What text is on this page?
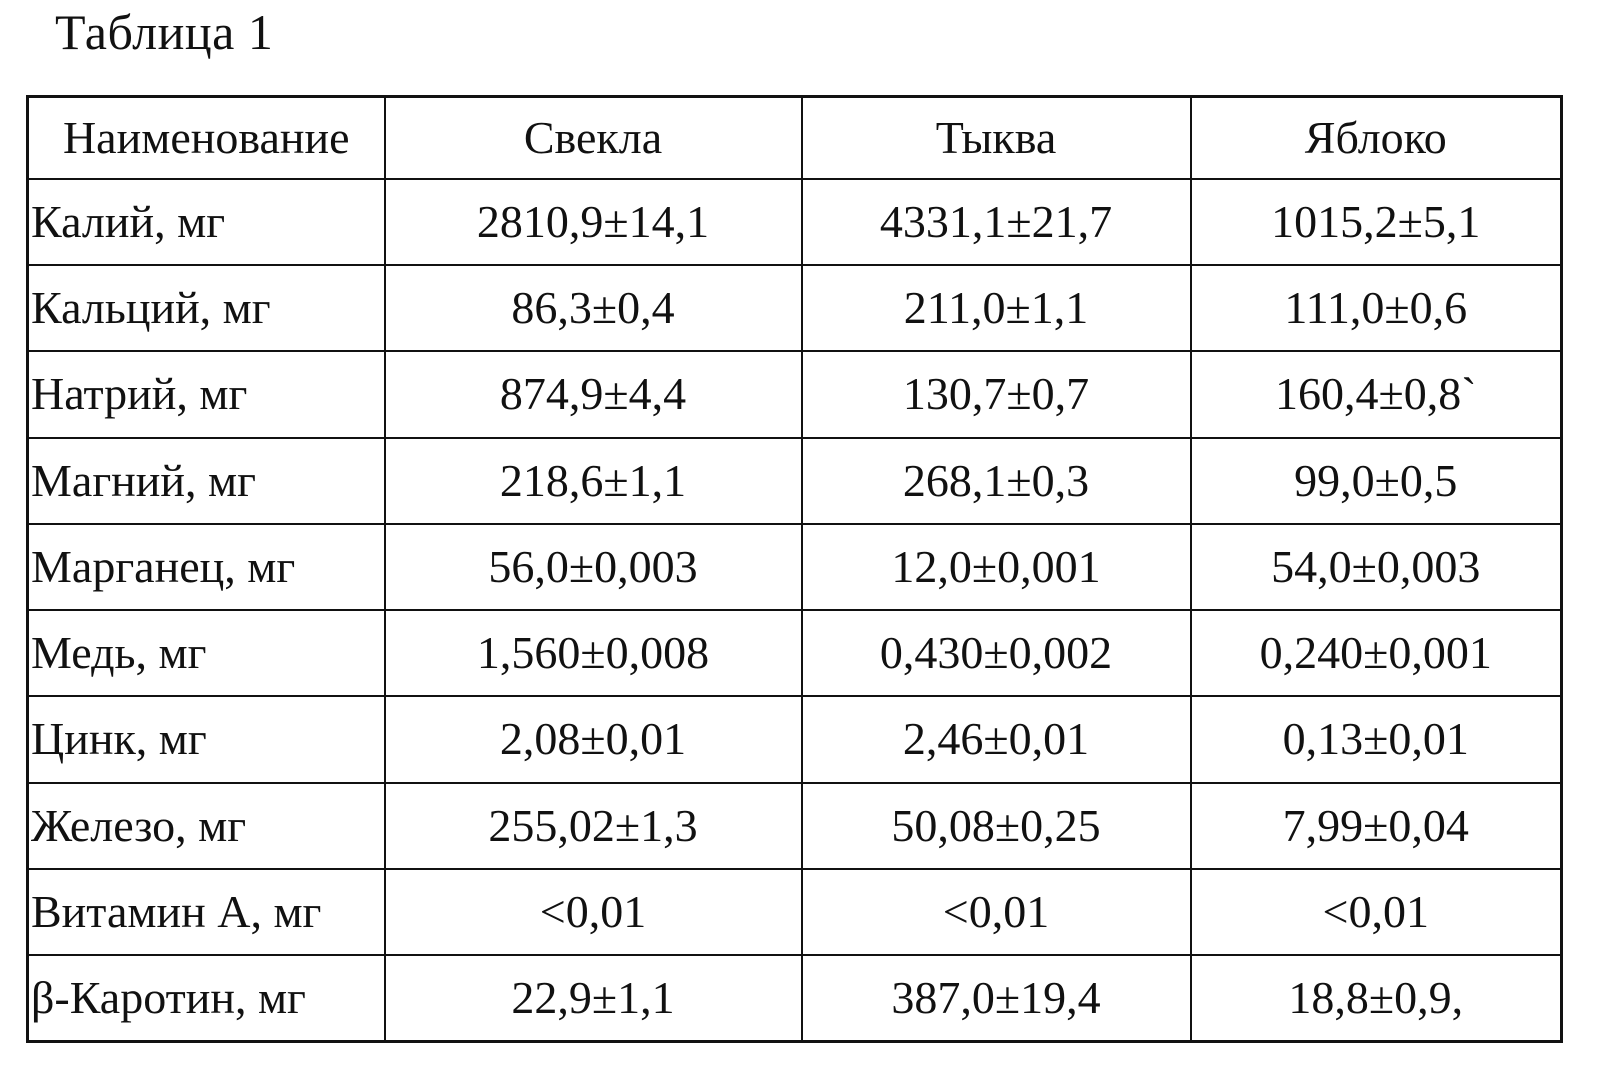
Таблица 1
Наименование	Свекла	Тыква	Яблоко
Калий, мг	2810,9±14,1	4331,1±21,7	1015,2±5,1
Кальций, мг	86,3±0,4	211,0±1,1	111,0±0,6
Натрий, мг	874,9±4,4	130,7±0,7	160,4±0,8`
Магний, мг	218,6±1,1	268,1±0,3	99,0±0,5
Марганец, мг	56,0±0,003	12,0±0,001	54,0±0,003
Медь, мг	1,560±0,008	0,430±0,002	0,240±0,001
Цинк, мг	2,08±0,01	2,46±0,01	0,13±0,01
Железо, мг	255,02±1,3	50,08±0,25	7,99±0,04
Витамин А, мг	<0,01	<0,01	<0,01
β-Каротин, мг	22,9±1,1	387,0±19,4	18,8±0,9,
